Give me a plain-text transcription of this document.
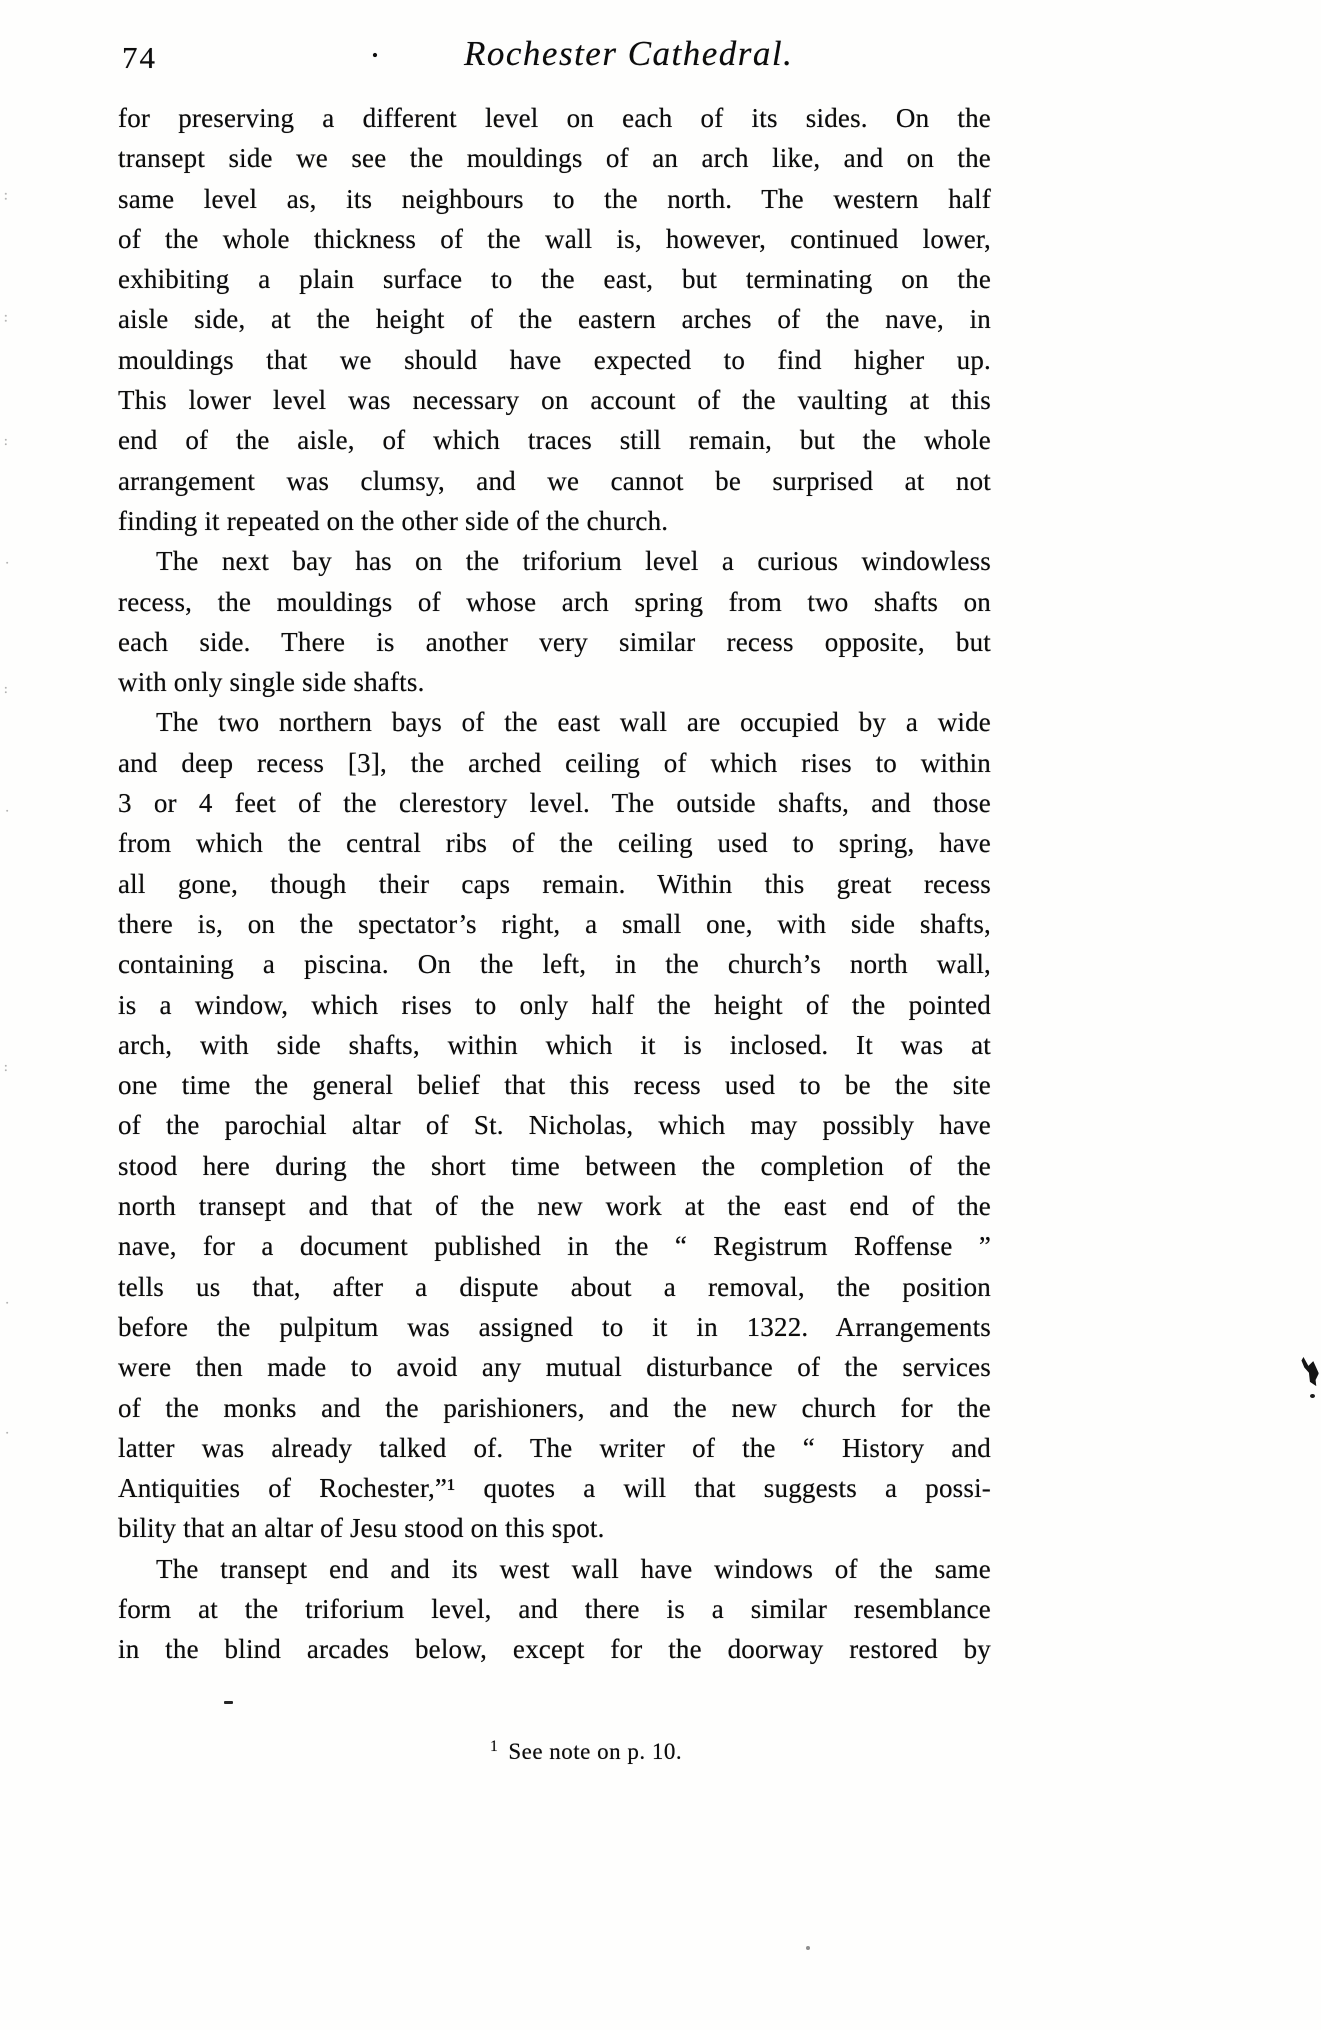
74	• Rochester Cathedral.
for preserving a different level on each of its sides. On the
transept side we see the mouldings of an arch like, and on the
same level as, its neighbours to the north. The western half
of the whole thickness of the wall is, however, continued lower,
exhibiting a plain surface to the east, but terminating on the
aisle side, at the height of the eastern arches of the nave, in
mouldings that we should have expected to find higher up.
This lower level was necessary on account of the vaulting at this
end of the aisle, of which traces still remain, but the whole
arrangement was clumsy, and we cannot be surprised at not
finding it repeated on the other side of the church.
The next bay has on the triforium level a curious windowless
recess, the mouldings of whose arch spring from two shafts on
each side. There is another very similar recess opposite, but
with only single side shafts.
The two northern bays of the east wall are occupied by a wide
and deep recess [3], the arched ceiling of which rises to within
3 or 4 feet of the clerestory level. The outside shafts, and those
from which the central ribs of the ceiling used to spring, have
all gone, though their caps remain. Within this great recess
there is, on the spectator’s right, a small one, with side shafts,
containing a piscina. On the left, in the church’s north wall,
is a window, which rises to only half the height of the pointed
arch, with side shafts, within which it is inclosed. It was at
one time the general belief that this recess used to be the site
of the parochial altar of St. Nicholas, which may possibly have
stood here during the short time between the completion of the
north transept and that of the new work at the east end of the
nave, for a document published in the “ Registrum Roffense ”
tells us that, after a dispute about a removal, the position
before the pulpitum was assigned to it in 1322. Arrangements
were then made to avoid any mutual disturbance of the services
of the monks and the parishioners, and the new church for the
latter was already talked of. The writer of the “ History and
Antiquities of Rochester,”¹ quotes a will that suggests a possi-
bility that an altar of Jesu stood on this spot.
The transept end and its west wall have windows of the same
form at the triforium level, and there is a similar resemblance
in the blind arcades below, except for the doorway restored by
$^1$ See note on p. 10.
∶
∶
:
·
:
·
:
·
·
